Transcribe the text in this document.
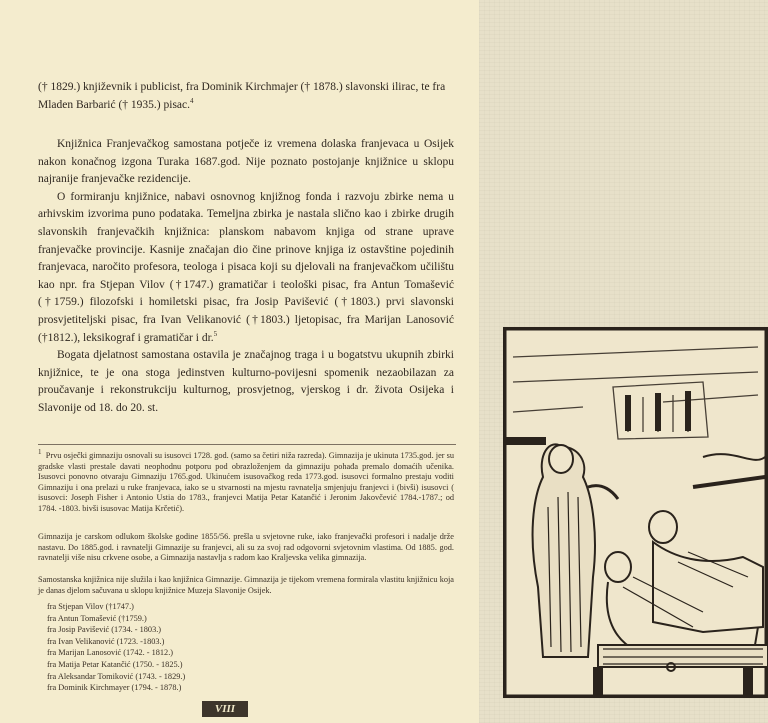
(† 1829.) književnik i publicist, fra Dominik Kirchmajer († 1878.) slavonski ilirac, te fra

Mladen Barbarić († 1935.) pisac.$^4$

Knjižnica Franjevačkog samostana potječe iz vremena dolaska franjevaca u Osijek nakon konačnog izgona Turaka 1687.god. Nije poznato postojanje knjižnice u sklopu najranije franjevačke rezidencije.

O formiranju knjižnice, nabavi osnovnog knjižnog fonda i razvoju zbirke nema u arhivskim izvorima puno podataka. Temeljna zbirka je nastala slično kao i zbirke drugih slavonskih franjevačkih knjižnica: planskom nabavom knjiga od strane uprave franjevačke provincije. Kasnije značajan dio čine prinove knjiga iz ostavštine pojedinih franjevaca, naročito profesora, teologa i pisaca koji su djelovali na franjevačkom učilištu kao npr. fra Stjepan Vilov (†1747.) gramatičar i teološki pisac, fra Antun Tomašević (†1759.) filozofski i homiletski pisac, fra Josip Pavišević (†1803.) prvi slavonski prosvjetiteljski pisac, fra Ivan Velikanović (†1803.) ljetopisac, fra Marijan Lanosović (†1812.), leksikograf i gramatičar i dr.$^5$

Bogata djelatnost samostana ostavila je značajnog traga i u bogatstvu ukupnih zbirki knjižnice, te je ona stoga jedinstven kulturno-povijesni spomenik nezaobilazan za proučavanje i rekonstrukciju kulturnog, prosvjetnog, vjerskog i dr. života Osijeka i Slavonije od 18. do 20. st.

$^1$ Prvu osječki gimnaziju osnovali su isusovci 1728. god. (samo sa četiri niža razreda). Gimnazija je ukinuta 1735.god. jer su gradske vlasti prestale davati neophodnu potporu pod obrazloženjem da gimnaziju pohađa premalo domaćih učenika. Isusovci ponovno otvaraju Gimnaziju 1765.god. Ukinućem isusovačkog reda 1773.god. isusovci formalno prestaju voditi Gimnaziju i ona prelazi u ruke franjevaca, iako se u stvarnosti na mjestu ravnatelja smjenjuju franjevci i (bivši) isusovci ( isusovci: Joseph Fisher i Antonio Ustia do 1783., franjevci Matija Petar Katančić i Jeronim Jakovčević 1784.-1787.; od 1784. -1803. bivši isusovac Matija Krčetić).

Gimnazija je carskom odlukom školske godine 1855/56. prešla u svjetovne ruke, iako franjevački profesori i nadalje drže nastavu. Do 1885.god. i ravnatelji Gimnazije su franjevci, ali su za svoj rad odgovorni svjetovnim vlastima. Od 1885. god. ravnatelji više nisu crkvene osobe, a Gimnazija nastavlja s radom kao Kraljevska velika gimnazija.

Samostanska knjižnica nije služila i kao knjižnica Gimnazije. Gimnazija je tijekom vremena formirala vlastitu knjižnicu koja je danas djelom sačuvana u sklopu knjižnice Muzeja Slavonije Osijek.

fra Stjepan Vilov (†1747.)
fra Antun Tomašević (†1759.)
fra Josip Pavišević (1734. - 1803.)
fra Ivan Velikanović (1723. -1803.)
fra Marijan Lanosović (1742. - 1812.)
fra Matija Petar Katančić (1750. - 1825.)
fra Aleksandar Tomiković (1743. - 1829.)
fra Dominik Kirchmayer (1794. - 1878.)
VIII
